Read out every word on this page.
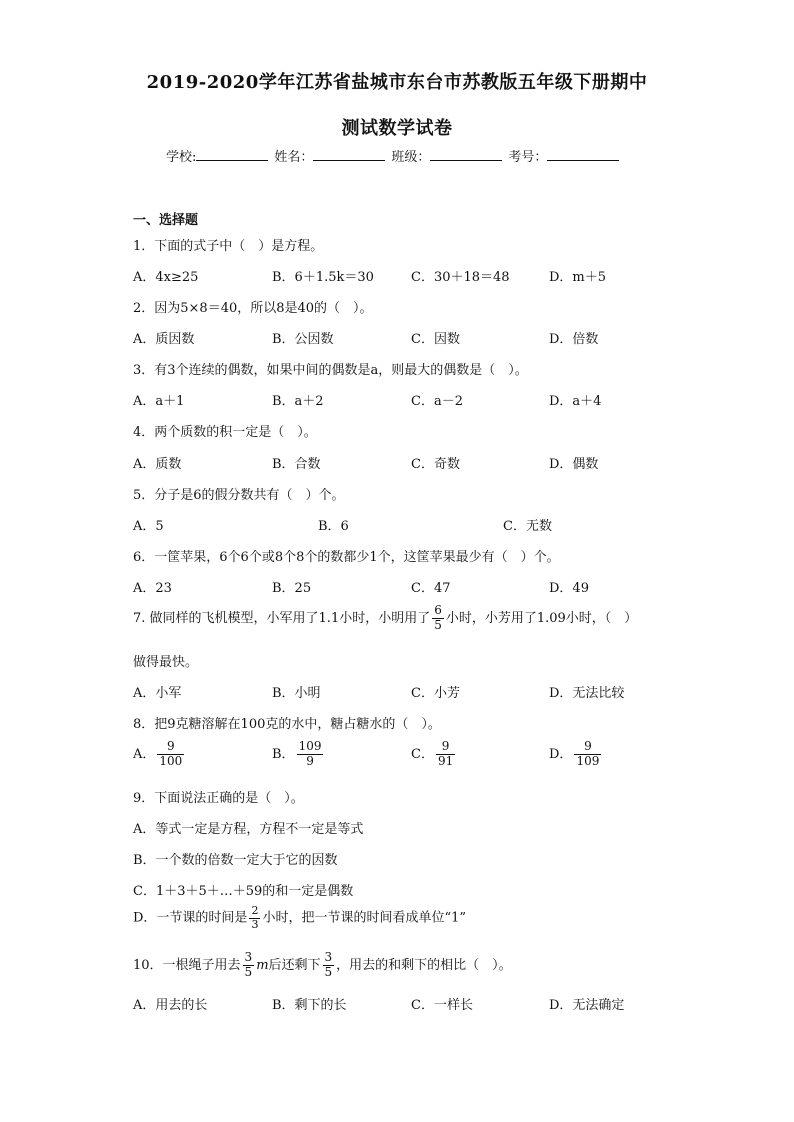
2019-2020学年江苏省盐城市东台市苏教版五年级下册期中
测试数学试卷
学校:	姓名：	班级：	考号：
一、选择题
1．下面的式子中（　）是方程。
A．4x≥25	B．6＋1.5k＝30	C．30＋18＝48	D．m＋5
2．因为5×8＝40，所以8是40的（　）。
A．质因数	B．公因数	C．因数	D．倍数
3．有3个连续的偶数，如果中间的偶数是a，则最大的偶数是（　）。
A．a＋1	B．a＋2	C．a－2	D．a＋4
4．两个质数的积一定是（　）。
A．质数	B．合数	C．奇数	D．偶数
5．分子是6的假分数共有（　）个。
A．5	B．6	C．无数
6．一筐苹果，6个6个或8个8个的数都少1个，这筐苹果最少有（　）个。
A．23	B．25	C．47	D．49
7. 做同样的飞机模型，小军用了1.1小时，小明用了 $\frac{6}{5}$ 小时，小芳用了1.09小时，（　）
做得最快。
A．小军	B．小明	C．小芳	D．无法比较
8．把9克糖溶解在100克的水中，糖占糖水的（　）。
A． $\frac{9}{100}$	B． $\frac{109}{9}$	C． $\frac{9}{91}$	D． $\frac{9}{109}$
9．下面说法正确的是（　）。
A．等式一定是方程，方程不一定是等式
B．一个数的倍数一定大于它的因数
C．1＋3＋5＋…＋59的和一定是偶数
D．一节课的时间是 $\frac{2}{3}$ 小时，把一节课的时间看成单位“1”
10．一根绳子用去 $\frac{3}{5}$ m后还剩下 $\frac{3}{5}$ ，用去的和剩下的相比（　）。
A．用去的长	B．剩下的长	C．一样长	D．无法确定
